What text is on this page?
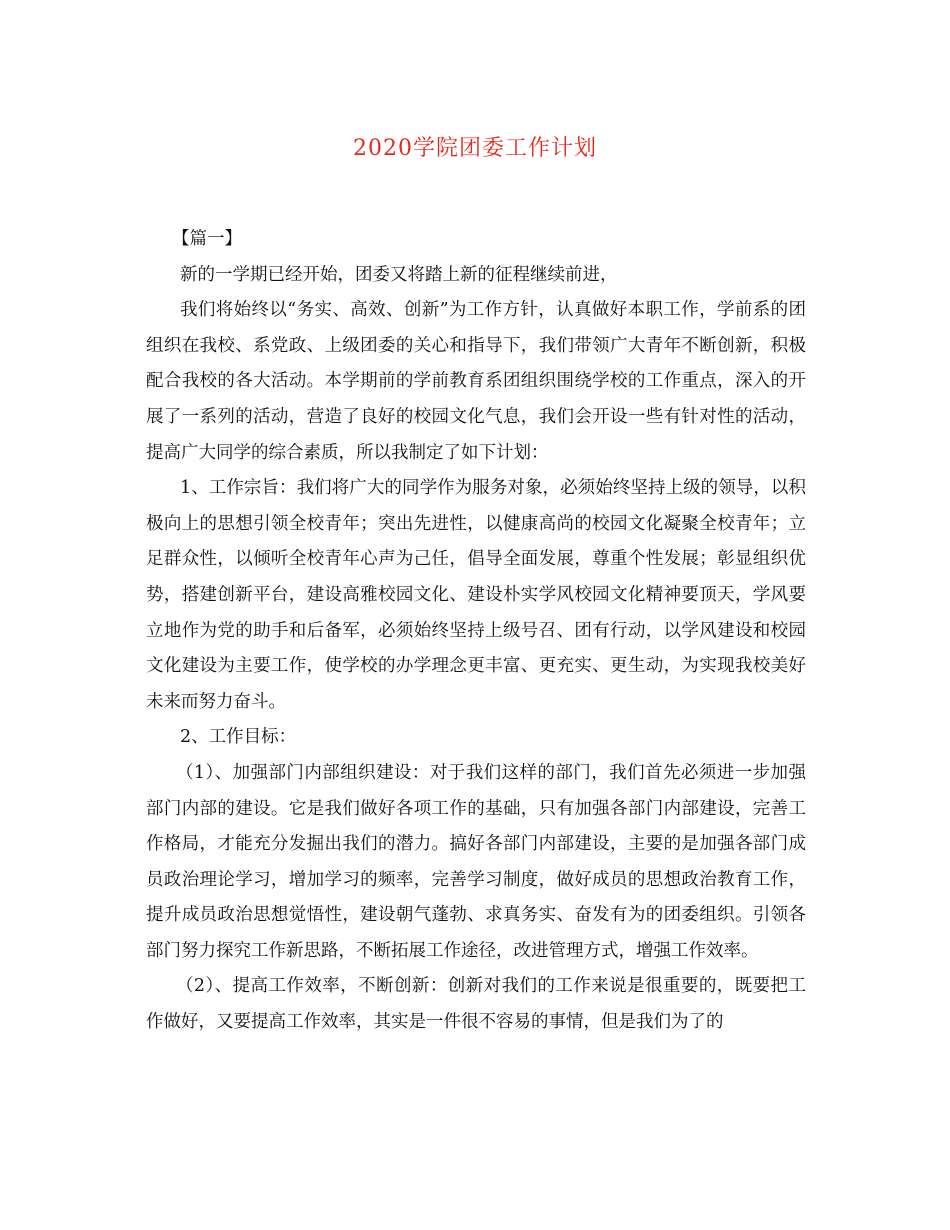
2020学院团委工作计划

【篇一】

新的一学期已经开始，团委又将踏上新的征程继续前进，

我们将始终以“务实、高效、创新”为工作方针，认真做好本职工作，学前系的团组织在我校、系党政、上级团委的关心和指导下，我们带领广大青年不断创新，积极配合我校的各大活动。本学期前的学前教育系团组织围绕学校的工作重点，深入的开展了一系列的活动，营造了良好的校园文化气息，我们会开设一些有针对性的活动，提高广大同学的综合素质，所以我制定了如下计划：

1、工作宗旨：我们将广大的同学作为服务对象，必须始终坚持上级的领导，以积极向上的思想引领全校青年；突出先进性，以健康高尚的校园文化凝聚全校青年；立足群众性，以倾听全校青年心声为己任，倡导全面发展，尊重个性发展；彰显组织优势，搭建创新平台，建设高雅校园文化、建设朴实学风校园文化精神要顶天，学风要立地作为党的助手和后备军，必须始终坚持上级号召、团有行动，以学风建设和校园文化建设为主要工作，使学校的办学理念更丰富、更充实、更生动，为实现我校美好未来而努力奋斗。

2、工作目标：

（1）、加强部门内部组织建设：对于我们这样的部门，我们首先必须进一步加强部门内部的建设。它是我们做好各项工作的基础，只有加强各部门内部建设，完善工作格局，才能充分发掘出我们的潜力。搞好各部门内部建设，主要的是加强各部门成员政治理论学习，增加学习的频率，完善学习制度，做好成员的思想政治教育工作，提升成员政治思想觉悟性，建设朝气蓬勃、求真务实、奋发有为的团委组织。引领各部门努力探究工作新思路，不断拓展工作途径，改进管理方式，增强工作效率。

（2）、提高工作效率，不断创新：创新对我们的工作来说是很重要的，既要把工作做好，又要提高工作效率，其实是一件很不容易的事情，但是我们为了的
